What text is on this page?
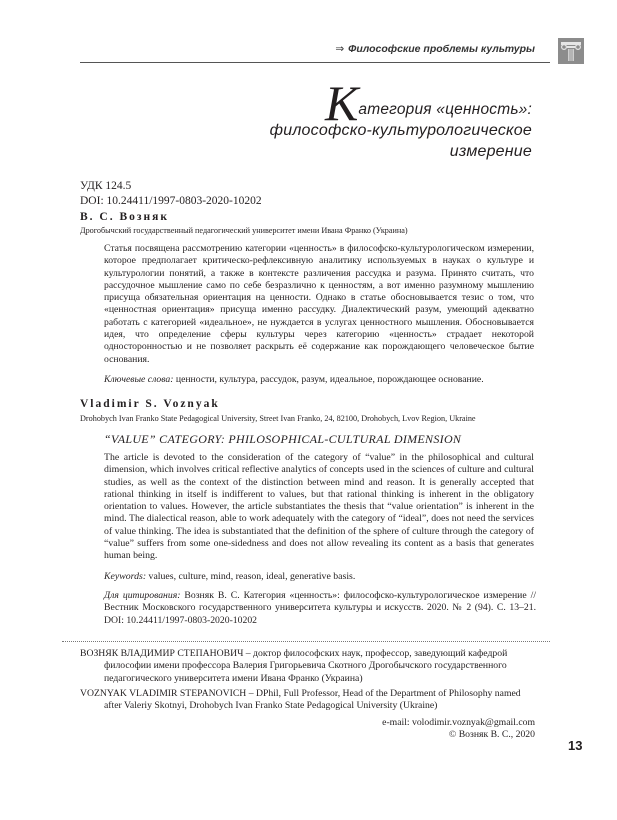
⇒ Философские проблемы культуры
Категория «ценность»:
философско-культурологическое
измерение
УДК 124.5
DOI: 10.24411/1997-0803-2020-10202
В. С. Возняк
Дрогобычский государственный педагогический университет имени Ивана Франко (Украина)
Статья посвящена рассмотрению категории «ценность» в философско-культурологическом измерении, которое предполагает критическо-рефлексивную аналитику используемых в науках о культуре и культурологии понятий, а также в контексте различения рассудка и разума. Принято считать, что рассудочное мышление само по себе безразлично к ценностям, а вот именно разумному мышлению присуща обязательная ориентация на ценности. Однако в статье обосновывается тезис о том, что «ценностная ориентация» присуща именно рассудку. Диалектический разум, умеющий адекватно работать с категорией «идеальное», не нуждается в услугах ценностного мышления. Обосновывается идея, что определение сферы культуры через категорию «ценность» страдает некоторой односторонностью и не позволяет раскрыть её содержание как порождающего человеческое бытие основания.
Ключевые слова: ценности, культура, рассудок, разум, идеальное, порождающее основание.
Vladimir S. Voznyak
Drohobych Ivan Franko State Pedagogical University, Street Ivan Franko, 24, 82100, Drohobych, Lvov Region, Ukraine
“VALUE” CATEGORY: PHILOSOPHICAL-CULTURAL DIMENSION
The article is devoted to the consideration of the category of “value” in the philosophical and cultural dimension, which involves critical reflective analytics of concepts used in the sciences of culture and cultural studies, as well as the context of the distinction between mind and reason. It is generally accepted that rational thinking in itself is indifferent to values, but that rational thinking is inherent in the obligatory orientation to values. However, the article substantiates the thesis that “value orientation” is inherent in the mind. The dialectical reason, able to work adequately with the category of “ideal”, does not need the services of value thinking. The idea is substantiated that the definition of the sphere of culture through the category of “value” suffers from some one-sidedness and does not allow revealing its content as a basis that generates human being.
Keywords: values, culture, mind, reason, ideal, generative basis.
Для цитирования: Возняк В. С. Категория «ценность»: философско-культурологическое измерение // Вестник Московского государственного университета культуры и искусств. 2020. № 2 (94). С. 13–21. DOI: 10.24411/1997-0803-2020-10202
ВОЗНЯК ВЛАДИМИР СТЕПАНОВИЧ – доктор философских наук, профессор, заведующий кафедрой философии имени профессора Валерия Григорьевича Скотного Дрогобычского государственного педагогического университета имени Ивана Франко (Украина)
VOZNYAK VLADIMIR STEPANOVICH – DPhil, Full Professor, Head of the Department of Philosophy named after Valeriy Skotnyi, Drohobych Ivan Franko State Pedagogical University (Ukraine)
e-mail: volodimir.voznyak@gmail.com
© Возняк В. С., 2020
13
